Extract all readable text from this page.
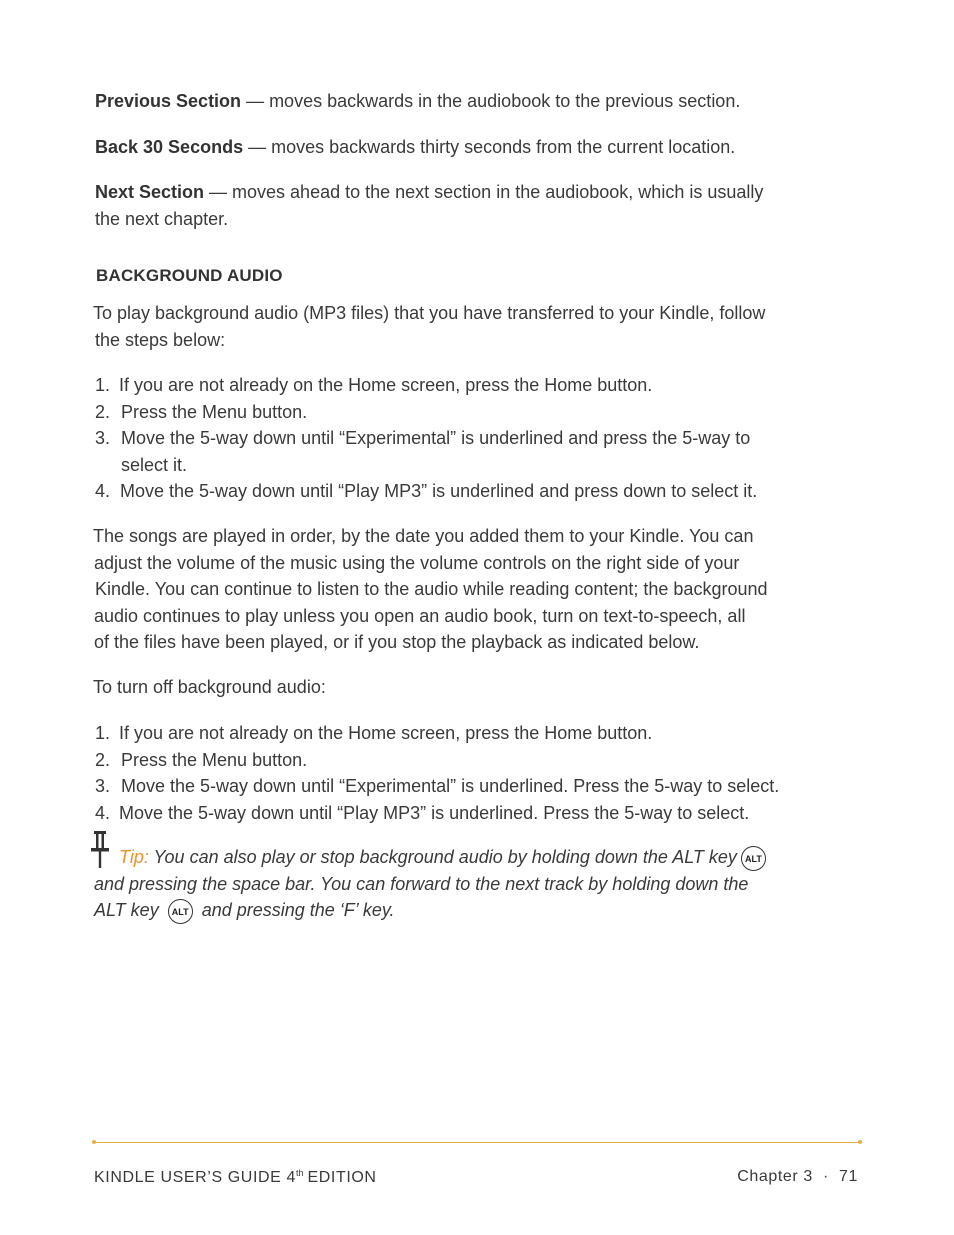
Previous Section — moves backwards in the audiobook to the previous section.

Back 30 Seconds — moves backwards thirty seconds from the current location.

Next Section — moves ahead to the next section in the audiobook, which is usually
the next chapter.

BACKGROUND AUDIO

To play background audio (MP3 files) that you have transferred to your Kindle, follow
the steps below:

1. If you are not already on the Home screen, press the Home button.
2. Press the Menu button.
3. Move the 5-way down until “Experimental” is underlined and press the 5-way to
select it.
4. Move the 5-way down until “Play MP3” is underlined and press down to select it.

The songs are played in order, by the date you added them to your Kindle. You can
adjust the volume of the music using the volume controls on the right side of your
Kindle. You can continue to listen to the audio while reading content; the background
audio continues to play unless you open an audio book, turn on text-to-speech, all
of the files have been played, or if you stop the playback as indicated below.

To turn off background audio:

1. If you are not already on the Home screen, press the Home button.
2. Press the Menu button.
3. Move the 5-way down until “Experimental” is underlined. Press the 5-way to select.
4. Move the 5-way down until “Play MP3” is underlined. Press the 5-way to select.
Tip: You can also play or stop background audio by holding down the ALT key ALT
and pressing the space bar. You can forward to the next track by holding down the
ALT key ALT and pressing the ‘F’ key.
KINDLE USER’S GUIDE 4th EDITION	Chapter 3  ·  71
